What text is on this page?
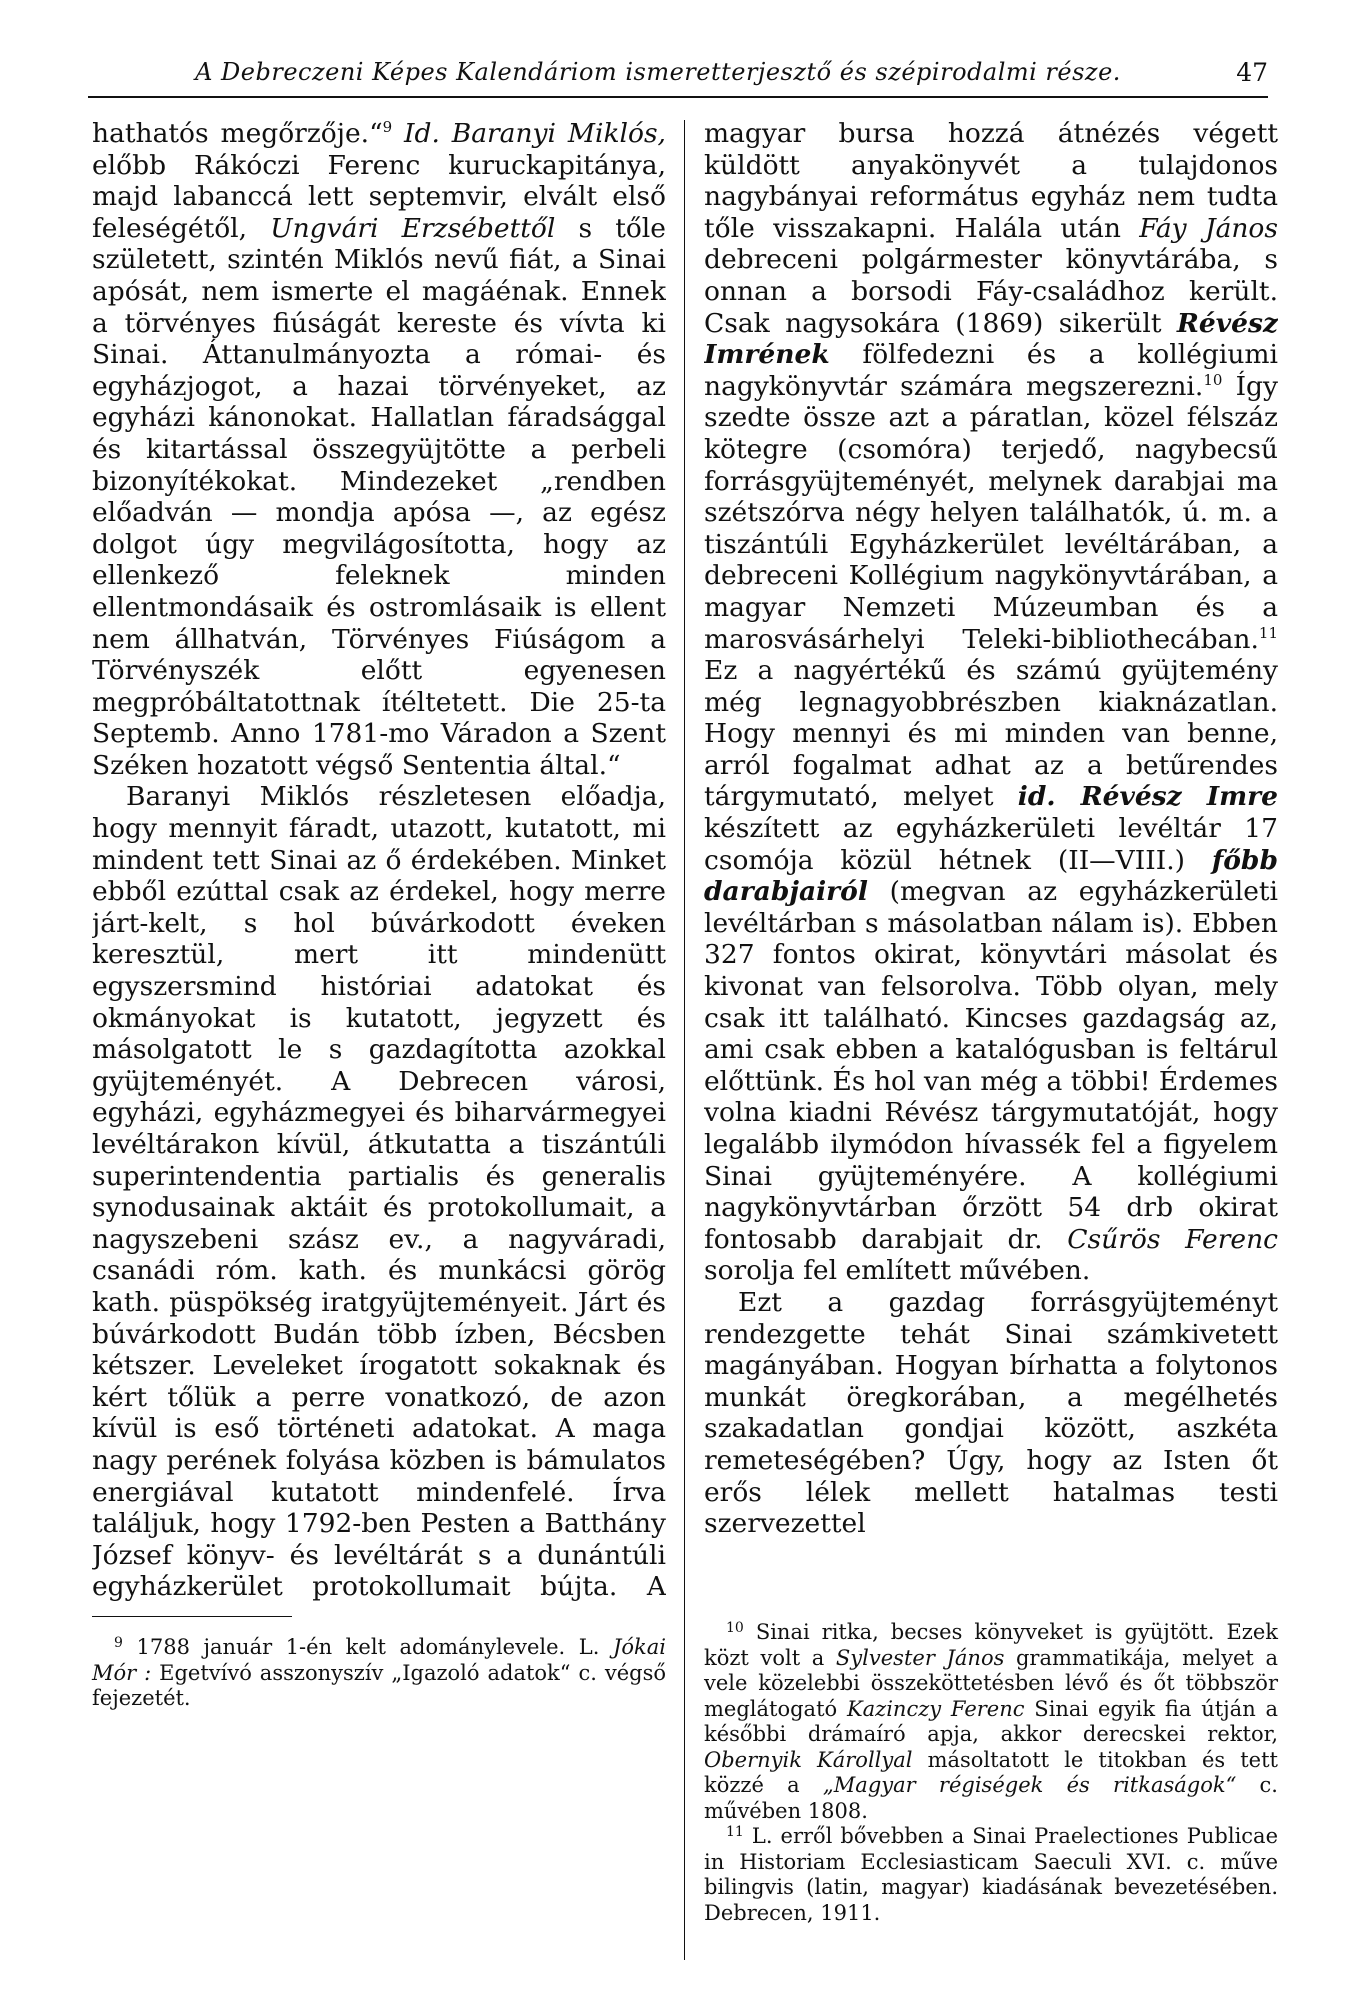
A Debreczeni Képes Kalendáriom ismeretterjesztő és szépirodalmi része.	47

hathatós megőrzője.“$^9$ Id. Baranyi Miklós, előbb Rákóczi Ferenc kuruckapitánya, majd labanccá lett septemvir, elvált első feleségétől, Ungvári Erzsébettől s tőle született, szintén Miklós nevű fiát, a Sinai apósát, nem ismerte el magáénak. Ennek a törvényes fiúságát kereste és vívta ki Sinai. Áttanulmányozta a római- és egyházjogot, a hazai törvényeket, az egyházi kánonokat. Hallatlan fáradsággal és kitartással összegyüjtötte a perbeli bizonyítékokat. Mindezeket „rendben előadván — mondja apósa —, az egész dolgot úgy megvilágosította, hogy az ellenkező feleknek minden ellentmondásaik és ostromlásaik is ellent nem állhatván, Törvényes Fiúságom a Törvényszék előtt egyenesen megpróbáltatottnak ítéltetett. Die 25-ta Septemb. Anno 1781-mo Váradon a Szent Széken hozatott végső Sententia által.“

Baranyi Miklós részletesen előadja, hogy mennyit fáradt, utazott, kutatott, mi mindent tett Sinai az ő érdekében. Minket ebből ezúttal csak az érdekel, hogy merre járt-kelt, s hol búvárkodott éveken keresztül, mert itt mindenütt egyszersmind históriai adatokat és okmányokat is kutatott, jegyzett és másolgatott le s gazdagította azokkal gyüjteményét. A Debrecen városi, egyházi, egyházmegyei és biharvármegyei levéltárakon kívül, átkutatta a tiszántúli superintendentia partialis és generalis synodusainak aktáit és protokollumait, a nagyszebeni szász ev., a nagyváradi, csanádi róm. kath. és munkácsi görög kath. püspökség iratgyüjteményeit. Járt és búvárkodott Budán több ízben, Bécsben kétszer. Leveleket írogatott sokaknak és kért tőlük a perre vonatkozó, de azon kívül is eső történeti adatokat. A maga nagy perének folyása közben is bámulatos energiával kutatott mindenfelé. Írva találjuk, hogy 1792-ben Pesten a Batthány József könyv- és levéltárát s a dunántúli egyházkerület protokollumait bújta. A

$^9$ 1788 január 1-én kelt adománylevele. L. Jókai Mór : Egetvívó asszonyszív „Igazoló adatok“ c. végső fejezetét.

magyar bursa hozzá átnézés végett küldött anyakönyvét a tulajdonos nagybányai református egyház nem tudta tőle visszakapni. Halála után Fáy János debreceni polgármester könyvtárába, s onnan a borsodi Fáy-családhoz került. Csak nagysokára (1869) sikerült Révész Imrének fölfedezni és a kollégiumi nagykönyvtár számára megszerezni.$^{10}$ Így szedte össze azt a páratlan, közel félszáz kötegre (csomóra) terjedő, nagybecsű forrásgyüjteményét, melynek darabjai ma szétszórva négy helyen találhatók, ú. m. a tiszántúli Egyházkerület levéltárában, a debreceni Kollégium nagykönyvtárában, a magyar Nemzeti Múzeumban és a marosvásárhelyi Teleki-bibliothecában.$^{11}$ Ez a nagyértékű és számú gyüjtemény még legnagyobbrészben kiaknázatlan. Hogy mennyi és mi minden van benne, arról fogalmat adhat az a betűrendes tárgymutató, melyet id. Révész Imre készített az egyházkerületi levéltár 17 csomója közül hétnek (II—VIII.) főbb darabjairól (megvan az egyházkerületi levéltárban s másolatban nálam is). Ebben 327 fontos okirat, könyvtári másolat és kivonat van felsorolva. Több olyan, mely csak itt található. Kincses gazdagság az, ami csak ebben a katalógusban is feltárul előttünk. És hol van még a többi! Érdemes volna kiadni Révész tárgymutatóját, hogy legalább ilymódon hívassék fel a figyelem Sinai gyüjteményére. A kollégiumi nagykönyvtárban őrzött 54 drb okirat fontosabb darabjait dr. Csűrös Ferenc sorolja fel említett művében.

Ezt a gazdag forrásgyüjteményt rendezgette tehát Sinai számkivetett magányában. Hogyan bírhatta a folytonos munkát öregkorában, a megélhetés szakadatlan gondjai között, aszkéta remeteségében? Úgy, hogy az Isten őt erős lélek mellett hatalmas testi szervezettel

$^{10}$ Sinai ritka, becses könyveket is gyüjtött. Ezek közt volt a Sylvester János grammatikája, melyet a vele közelebbi összeköttetésben lévő és őt többször meglátogató Kazinczy Ferenc Sinai egyik fia útján a későbbi drámaíró apja, akkor derecskei rektor, Obernyik Károllyal másoltatott le titokban és tett közzé a „Magyar régiségek és ritkaságok“ c. művében 1808.

$^{11}$ L. erről bővebben a Sinai Praelectiones Publicae in Historiam Ecclesiasticam Saeculi XVI. c. műve bilingvis (latin, magyar) kiadásának bevezetésében. Debrecen, 1911.
